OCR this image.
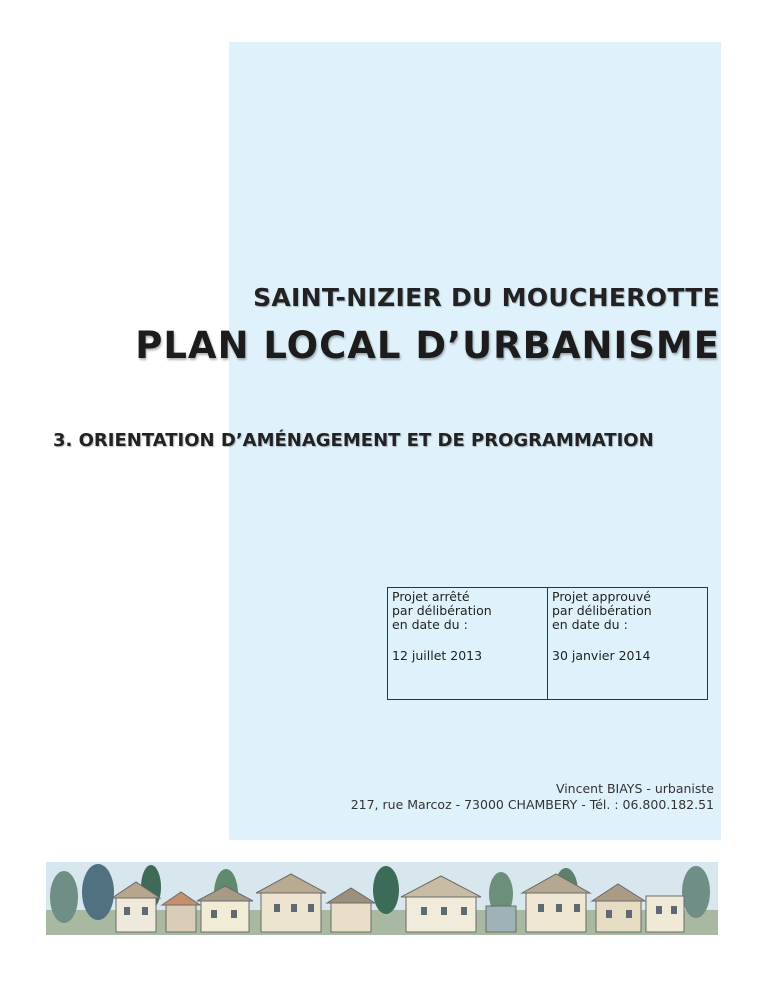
SAINT-NIZIER DU MOUCHEROTTE
PLAN LOCAL D’URBANISME
3. ORIENTATION D’AMÉNAGEMENT ET DE PROGRAMMATION
Projet arrêté
par délibération
en date du :
12 juillet 2013

Projet approuvé
par délibération
en date du :
30 janvier 2014
Vincent BIAYS - urbaniste
217, rue Marcoz - 73000 CHAMBERY - Tél. : 06.800.182.51
